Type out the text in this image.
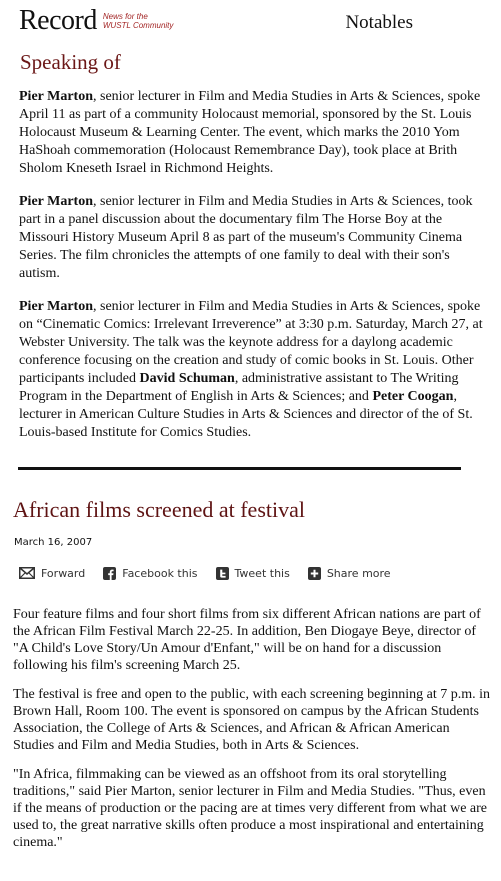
Record News for the
WUSTL Community	Notables
Speaking of

Pier Marton, senior lecturer in Film and Media Studies in Arts & Sciences, spoke April 11 as part of a community Holocaust memorial, sponsored by the St. Louis Holocaust Museum & Learning Center. The event, which marks the 2010 Yom HaShoah commemoration (Holocaust Remembrance Day), took place at Brith Sholom Kneseth Israel in Richmond Heights.

Pier Marton, senior lecturer in Film and Media Studies in Arts & Sciences, took part in a panel discussion about the documentary film The Horse Boy at the Missouri History Museum April 8 as part of the museum's Community Cinema Series. The film chronicles the attempts of one family to deal with their son's autism.

Pier Marton, senior lecturer in Film and Media Studies in Arts & Sciences, spoke on “Cinematic Comics: Irrelevant Irreverence” at 3:30 p.m. Saturday, March 27, at Webster University. The talk was the keynote address for a daylong academic conference focusing on the creation and study of comic books in St. Louis. Other participants included David Schuman, administrative assistant to The Writing Program in the Department of English in Arts & Sciences; and Peter Coogan, lecturer in American Culture Studies in Arts & Sciences and director of the of St. Louis-based Institute for Comics Studies.

African films screened at festival
March 16, 2007
Forward	Facebook this	Tweet this	Share more

Four feature films and four short films from six different African nations are part of the African Film Festival March 22-25. In addition, Ben Diogaye Beye, director of "A Child's Love Story/Un Amour d'Enfant," will be on hand for a discussion following his film's screening March 25.

The festival is free and open to the public, with each screening beginning at 7 p.m. in Brown Hall, Room 100. The event is sponsored on campus by the African Students Association, the College of Arts & Sciences, and African & African American Studies and Film and Media Studies, both in Arts & Sciences.

"In Africa, filmmaking can be viewed as an offshoot from its oral storytelling traditions," said Pier Marton, senior lecturer in Film and Media Studies. "Thus, even if the means of production or the pacing are at times very different from what we are used to, the great narrative skills often produce a most inspirational and entertaining cinema."
